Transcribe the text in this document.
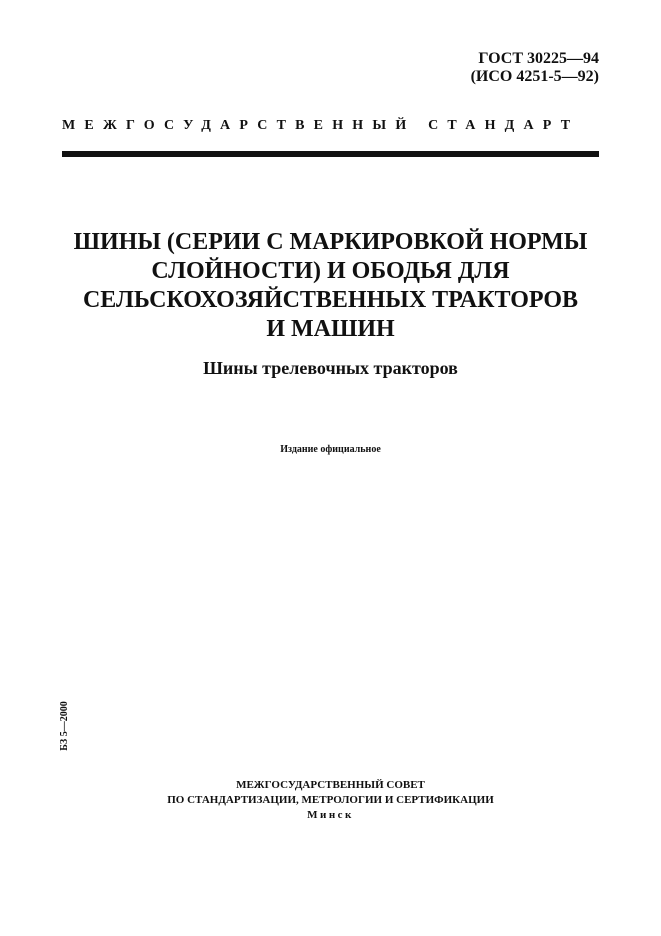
ГОСТ 30225—94
(ИСО 4251-5—92)
МЕЖГОСУДАРСТВЕННЫЙ СТАНДАРТ
ШИНЫ (СЕРИИ С МАРКИРОВКОЙ НОРМЫ
СЛОЙНОСТИ) И ОБОДЬЯ ДЛЯ
СЕЛЬСКОХОЗЯЙСТВЕННЫХ ТРАКТОРОВ
И МАШИН
Шины трелевочных тракторов
Издание официальное
БЗ 5—2000
МЕЖГОСУДАРСТВЕННЫЙ СОВЕТ
ПО СТАНДАРТИЗАЦИИ, МЕТРОЛОГИИ И СЕРТИФИКАЦИИ
Минск
